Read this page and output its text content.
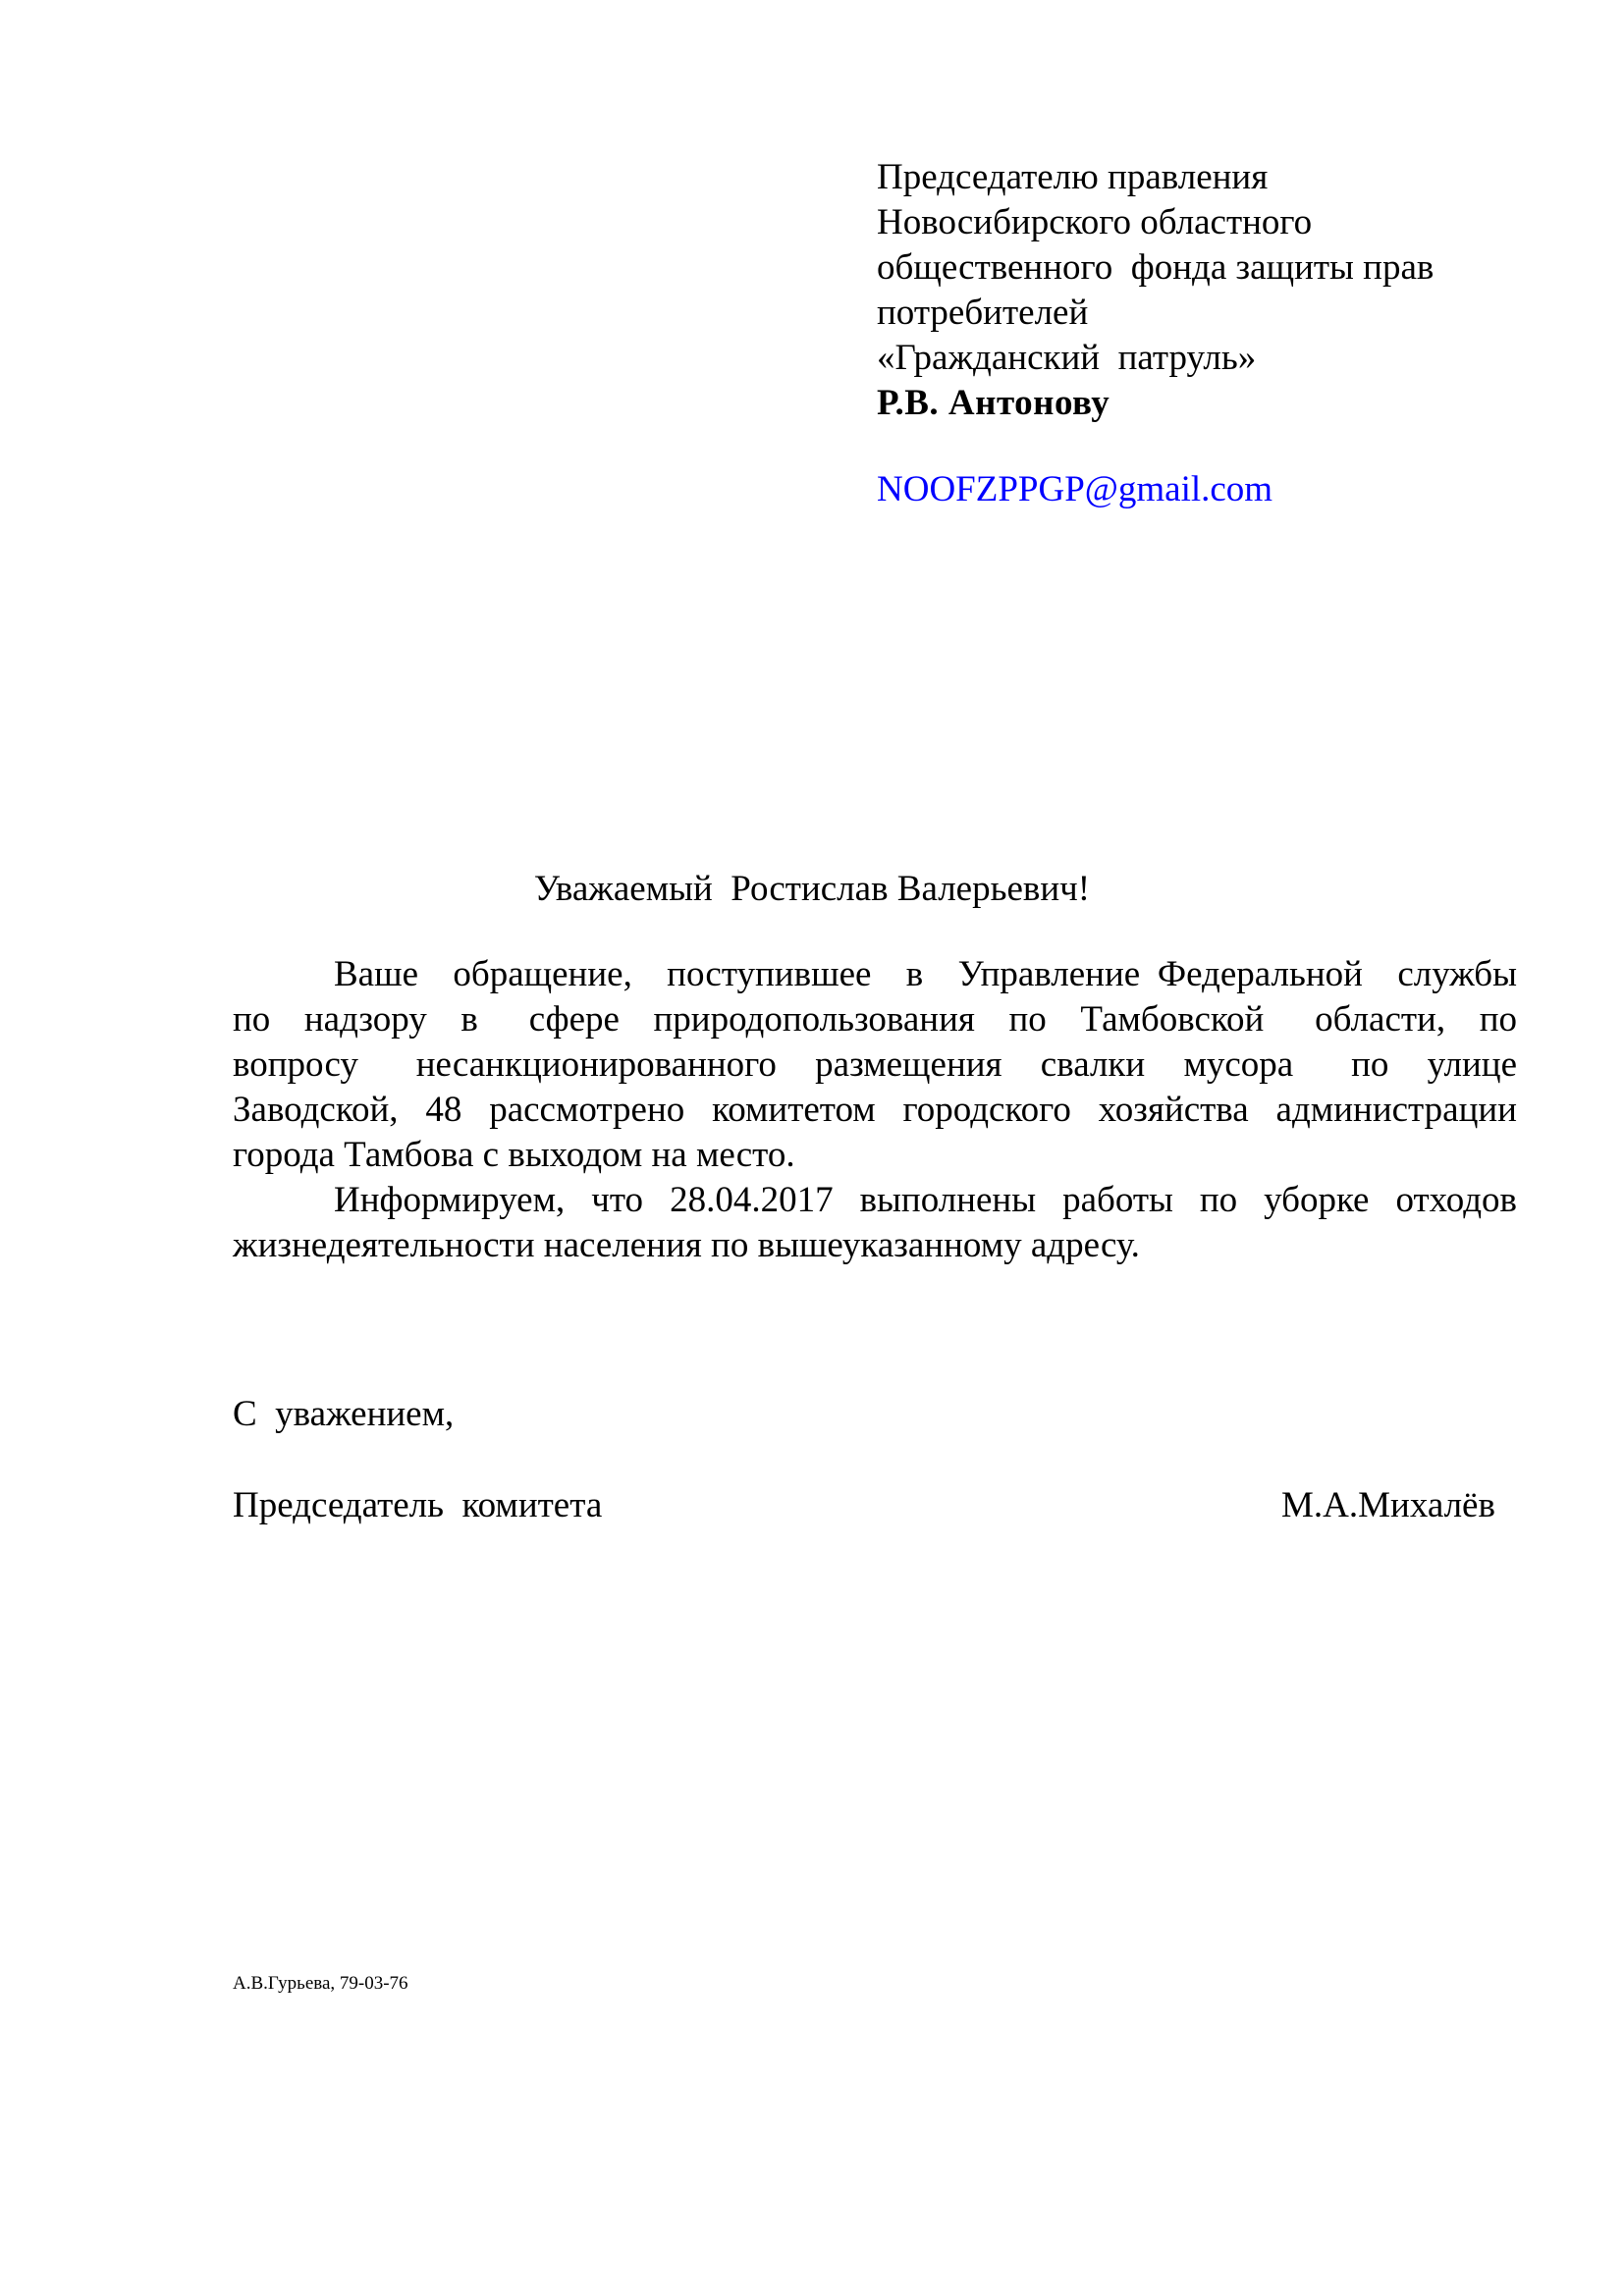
Председателю правления
Новосибирского областного
общественного  фонда защиты прав
потребителей
«Гражданский  патруль»
Р.В. Антонову
NOOFZPPGP@gmail.com
Уважаемый  Ростислав Валерьевич!
Ваше  обращение,  поступившее  в  Управление Федеральной  службы
по  надзору  в   сфере  природопользования  по  Тамбовской   области,  по
вопросу   несанкционированного  размещения  свалки  мусора   по  улице
Заводской, 48 рассмотрено комитетом городского хозяйства администрации
города Тамбова с выходом на место.
Информируем,  что  28.04.2017  выполнены  работы  по  уборке  отходов
жизнедеятельности населения по вышеуказанному адресу.
С  уважением,
Председатель  комитета	М.А.Михалёв
А.В.Гурьева, 79-03-76
